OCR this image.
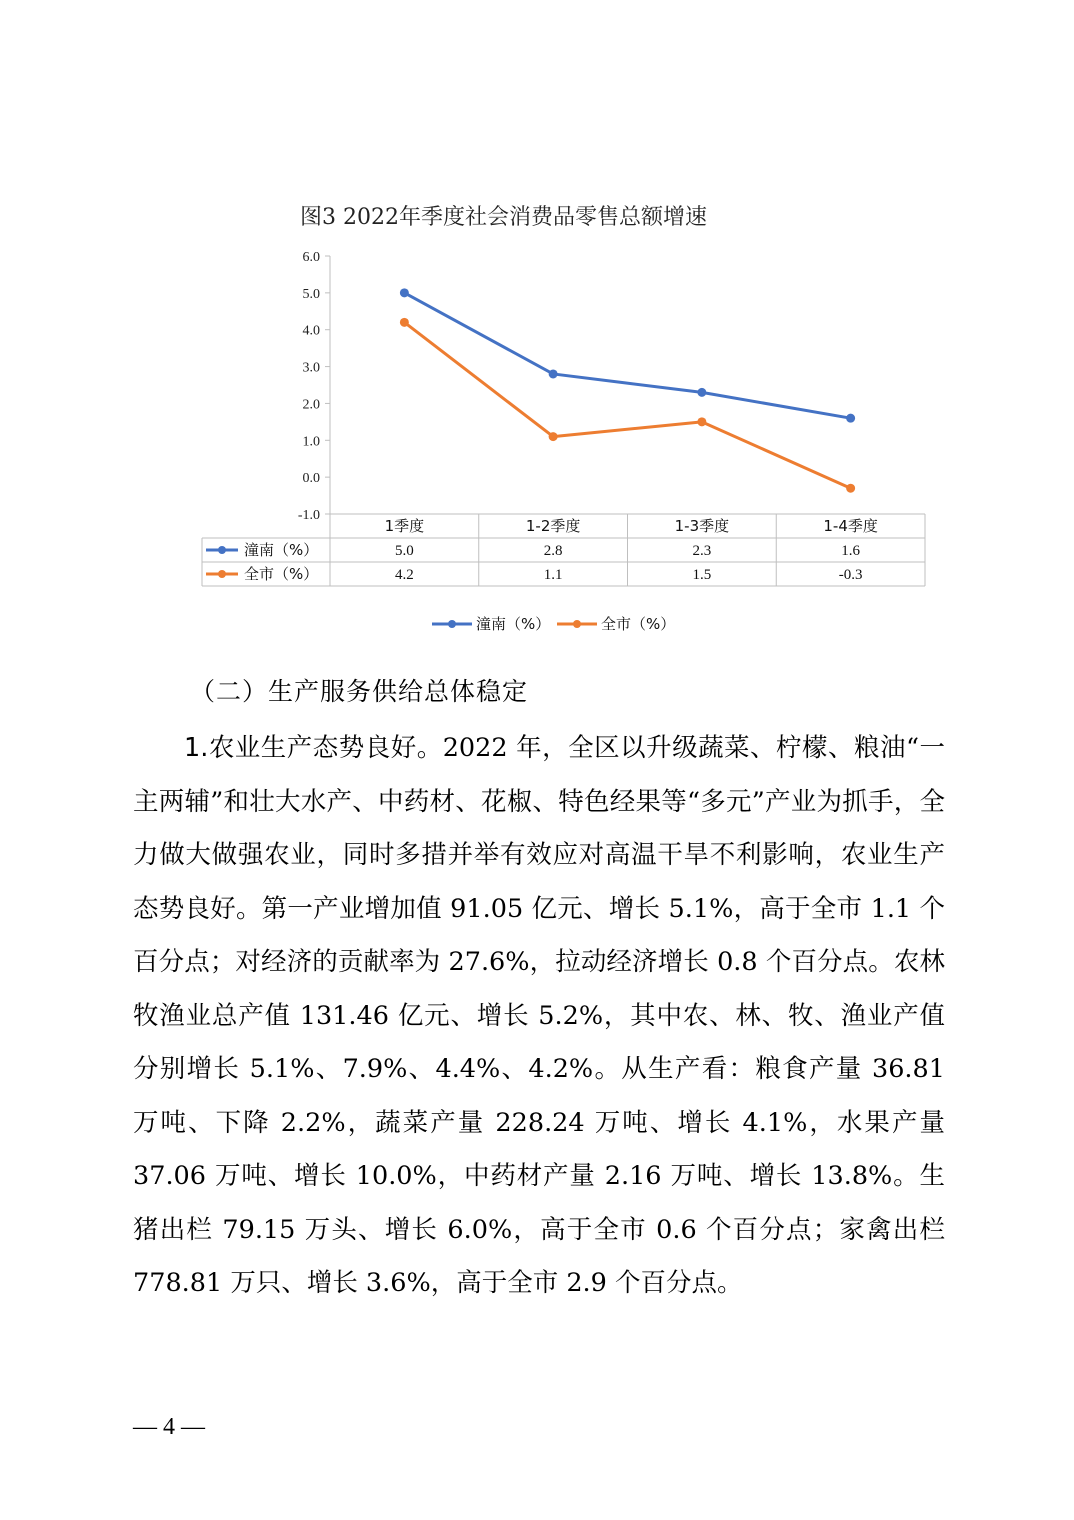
图3 2022年季度社会消费品零售总额增速
6.0
5.0
4.0
3.0
2.0
1.0
0.0
-1.0
1季度	1-2季度	1-3季度	1-4季度
潼南（%）	5.0	2.8	2.3	1.6
全市（%）	4.2	1.1	1.5	-0.3
潼南（%）	全市（%）
（二）生产服务供给总体稳定

1.农业生产态势良好。2022 年，全区以升级蔬菜、柠檬、粮油“一主两辅”和壮大水产、中药材、花椒、特色经果等“多元”产业为抓手，全力做大做强农业，同时多措并举有效应对高温干旱不利影响，农业生产态势良好。第一产业增加值 91.05 亿元、增长 5.1%，高于全市 1.1 个百分点；对经济的贡献率为 27.6%，拉动经济增长 0.8 个百分点。农林牧渔业总产值 131.46 亿元、增长 5.2%，其中农、林、牧、渔业产值分别增长 5.1%、7.9%、4.4%、4.2%。从生产看：粮食产量 36.81 万吨、下降 2.2%，蔬菜产量 228.24 万吨、增长 4.1%，水果产量 37.06 万吨、增长 10.0%，中药材产量 2.16 万吨、增长 13.8%。生猪出栏 79.15 万头、增长 6.0%，高于全市 0.6 个百分点；家禽出栏 778.81 万只、增长 3.6%，高于全市 2.9 个百分点。

— 4 —
